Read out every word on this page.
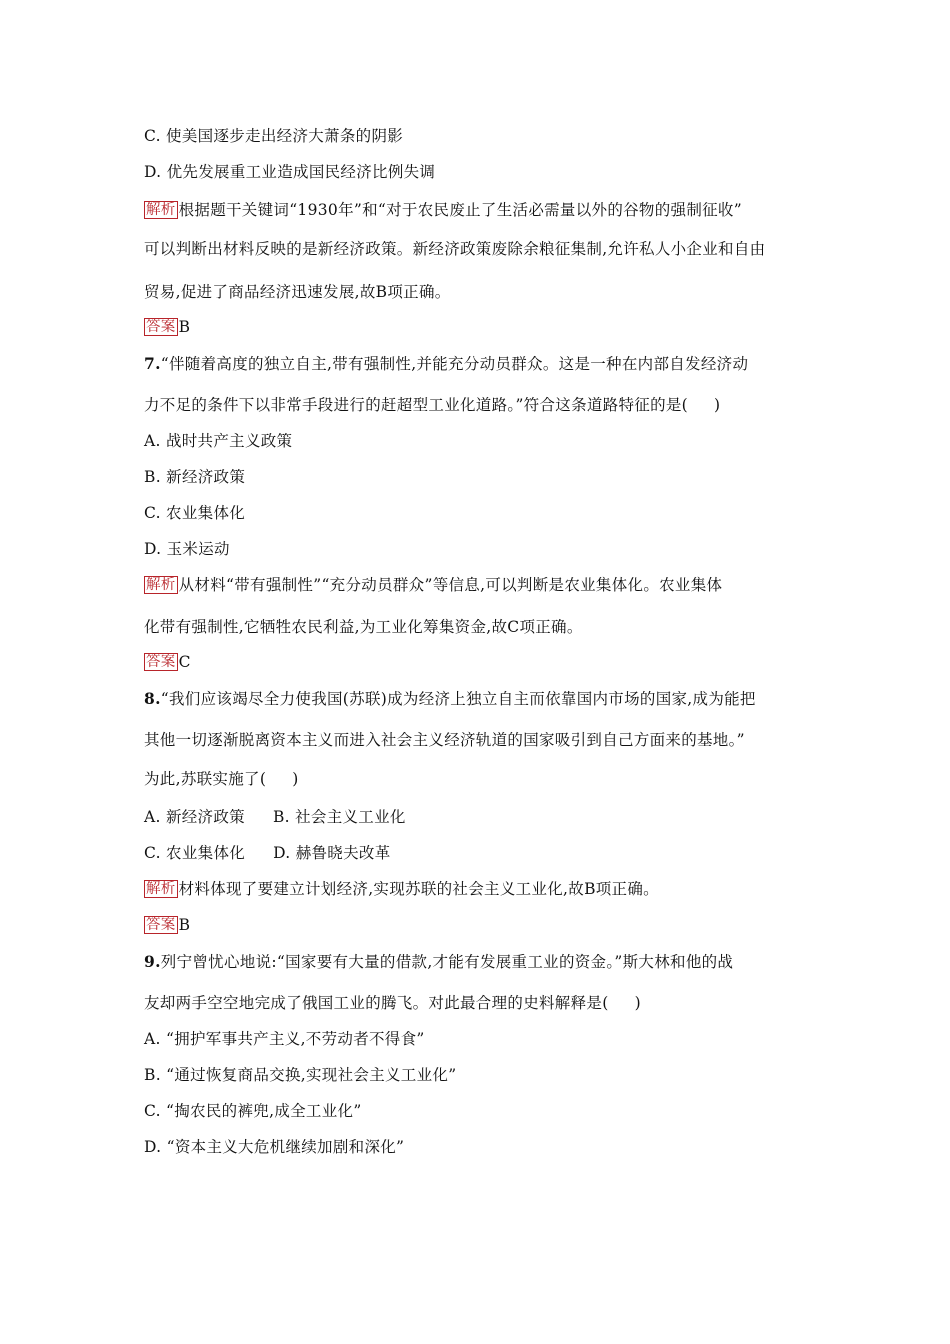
C. 使美国逐步走出经济大萧条的阴影
D. 优先发展重工业造成国民经济比例失调
解析 根据题干关键词“1930年”和“对于农民废止了生活必需量以外的谷物的强制征收”
可以判断出材料反映的是新经济政策。新经济政策废除余粮征集制,允许私人小企业和自由
贸易,促进了商品经济迅速发展,故B项正确。
答案 B
7.“伴随着高度的独立自主,带有强制性,并能充分动员群众。这是一种在内部自发经济动
力不足的条件下以非常手段进行的赶超型工业化道路。”符合这条道路特征的是( )
A. 战时共产主义政策
B. 新经济政策
C. 农业集体化
D. 玉米运动
解析 从材料“带有强制性”“充分动员群众”等信息,可以判断是农业集体化。农业集体
化带有强制性,它牺牲农民利益,为工业化筹集资金,故C项正确。
答案 C
8.“我们应该竭尽全力使我国(苏联)成为经济上独立自主而依靠国内市场的国家,成为能把
其他一切逐渐脱离资本主义而进入社会主义经济轨道的国家吸引到自己方面来的基地。”
为此,苏联实施了( )
A. 新经济政策 B. 社会主义工业化
C. 农业集体化 D. 赫鲁晓夫改革
解析 材料体现了要建立计划经济,实现苏联的社会主义工业化,故B项正确。
答案 B
9.列宁曾忧心地说:“国家要有大量的借款,才能有发展重工业的资金。”斯大林和他的战
友却两手空空地完成了俄国工业的腾飞。对此最合理的史料解释是( )
A. “拥护军事共产主义,不劳动者不得食”
B. “通过恢复商品交换,实现社会主义工业化”
C. “掏农民的裤兜,成全工业化”
D. “资本主义大危机继续加剧和深化”
